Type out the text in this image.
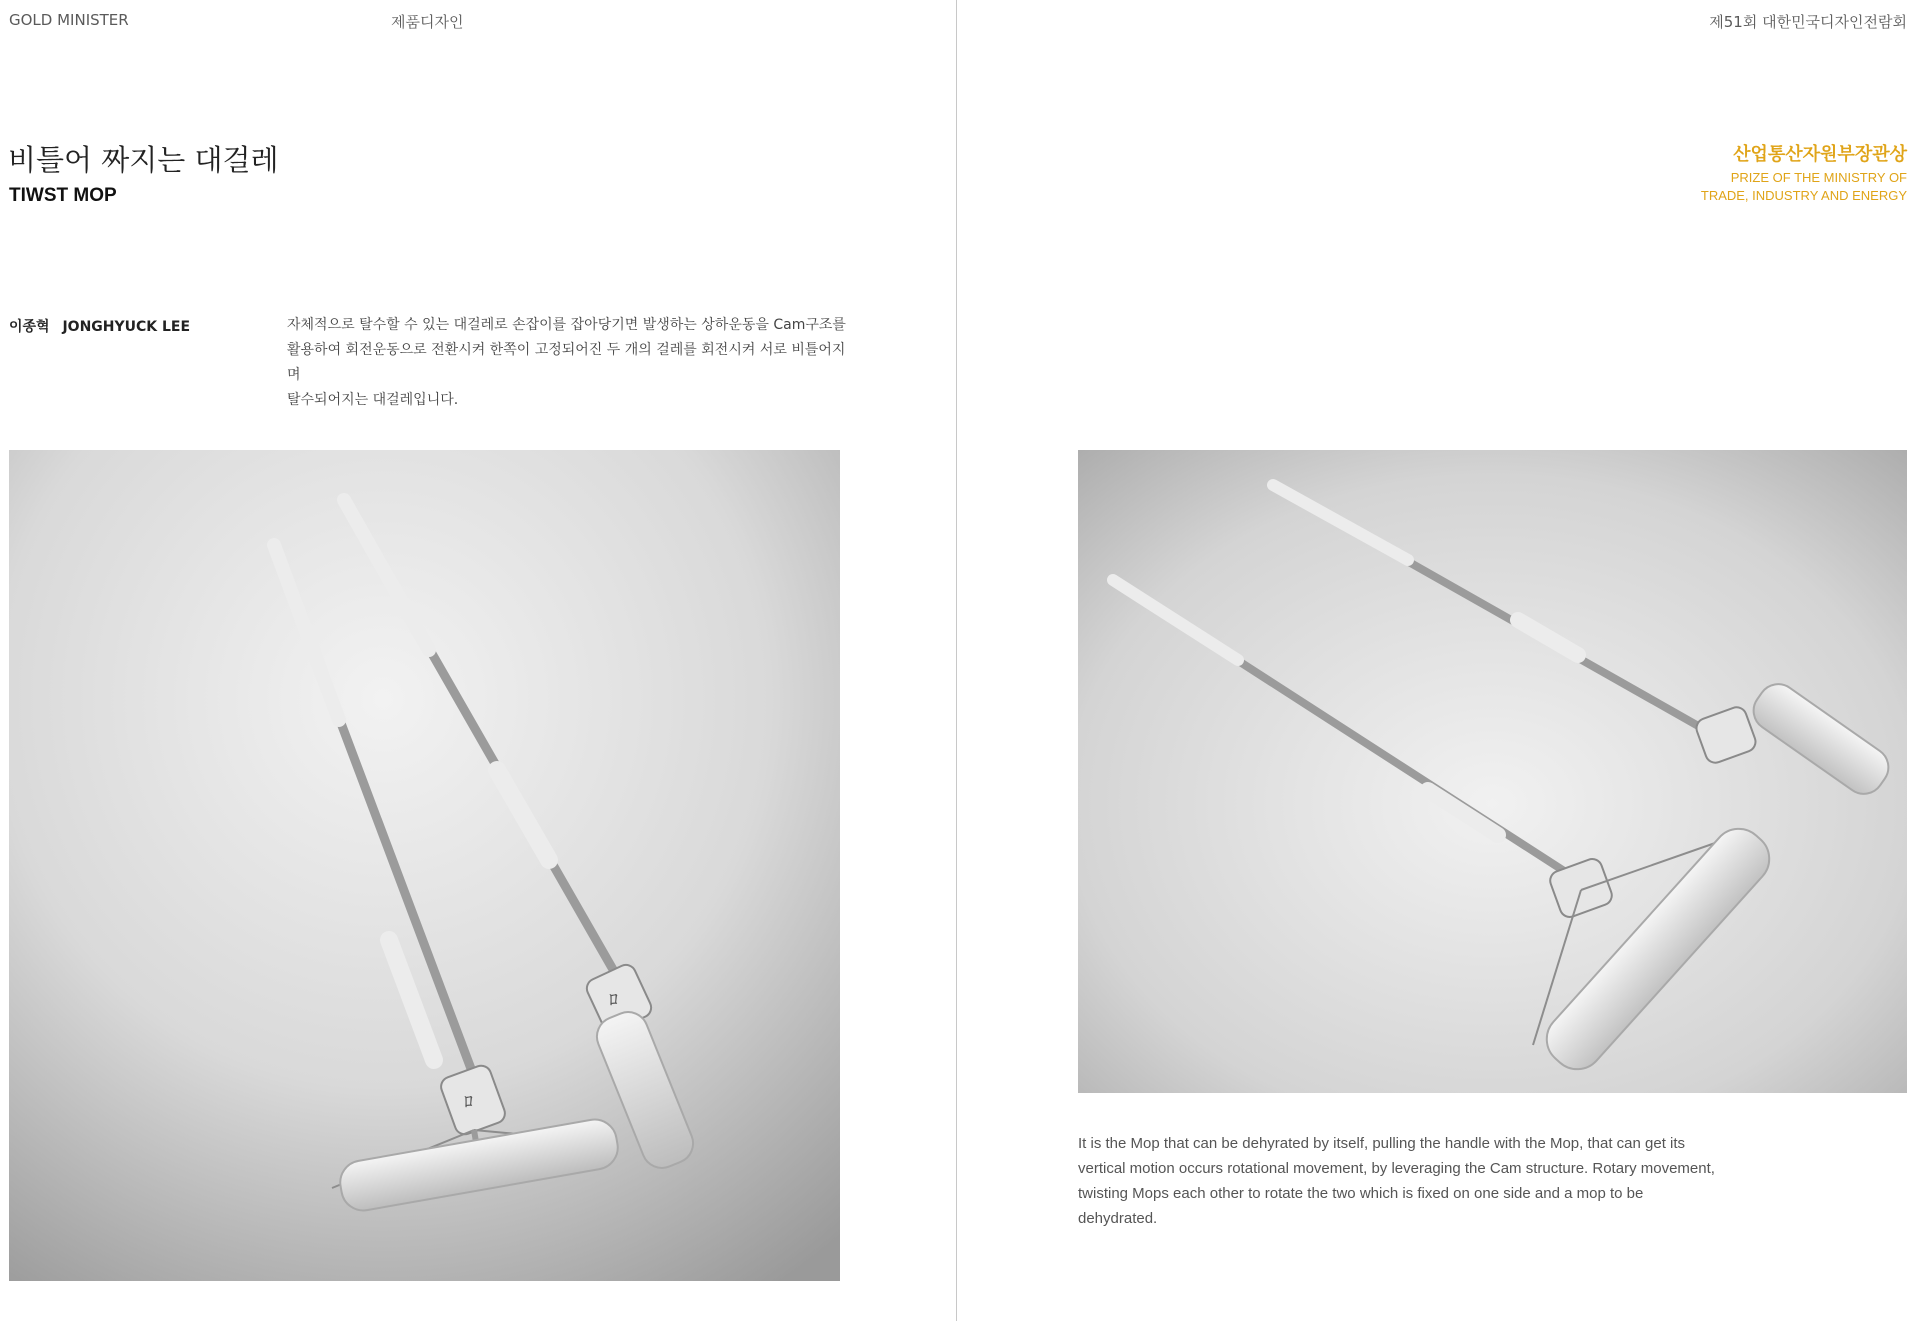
GOLD MINISTER	제품디자인
비틀어 짜지는 대걸레
TIWST MOP
이종혁 JONGHYUCK LEE	자체적으로 탈수할 수 있는 대걸레로 손잡이를 잡아당기면 발생하는 상하운동을 Cam구조를
활용하여 회전운동으로 전환시켜 한쪽이 고정되어진 두 개의 걸레를 회전시켜 서로 비틀어지며
탈수되어지는 대걸레입니다.
ﾛ
ﾛ
제51회 대한민국디자인전람회
산업통산자원부장관상
PRIZE OF THE MINISTRY OF
TRADE, INDUSTRY AND ENERGY
It is the Mop that can be dehyrated by itself, pulling the handle with the Mop, that can get its
vertical motion occurs rotational movement, by leveraging the Cam structure. Rotary movement,
twisting Mops each other to rotate the two which is fixed on one side and a mop to be
dehydrated.
